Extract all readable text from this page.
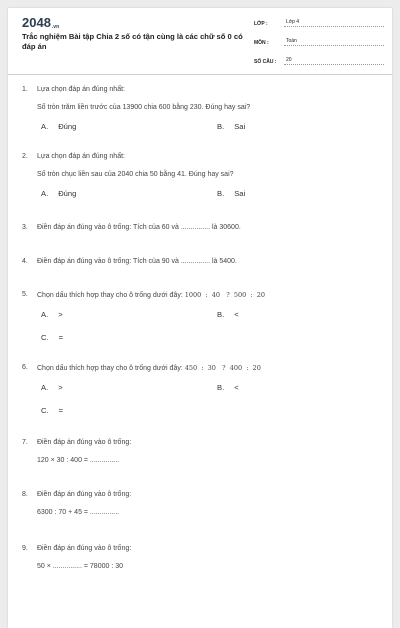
2048.vn
Trắc nghiệm Bài tập Chia 2 số có tận cùng là các chữ số 0 có đáp án
LỚP :	Lớp 4
MÔN :	Toán
SỐ CÂU :	20
1.	Lựa chọn đáp án đúng nhất:
Số tròn trăm liền trước của 13900 chia 600 bằng 230. Đúng hay sai?
A. Đúng	B. Sai
2.	Lựa chọn đáp án đúng nhất:
Số tròn chục liền sau của 2040 chia 50 bằng 41. Đúng hay sai?
A. Đúng	B. Sai
3.	Điền đáp án đúng vào ô trống: Tích của 60 và ............... là 30600.
4.	Điền đáp án đúng vào ô trống: Tích của 90 và ............... là 5400.
5.	Chọn dấu thích hợp thay cho ô trống dưới đây: 1000  :  40   ?  500  :  20
A. >	B. <
C. =
6.	Chọn dấu thích hợp thay cho ô trống dưới đây: 450  :  30   ?  400  :  20
A. >	B. <
C. =
7.	Điền đáp án đúng vào ô trống:
120 × 30 : 400 = ...............
8.	Điền đáp án đúng vào ô trống:
6300 : 70 + 45 = ...............
9.	Điền đáp án đúng vào ô trống:
50 × ............... = 78000 : 30
